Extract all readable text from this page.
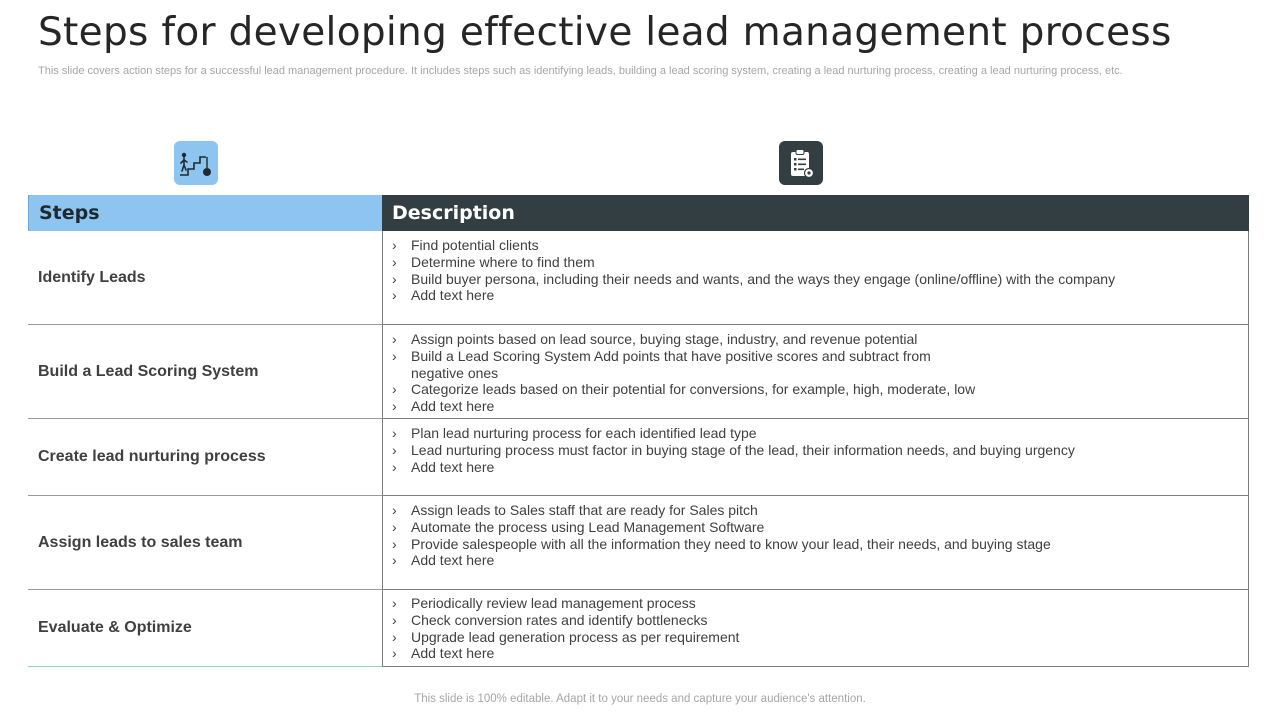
Steps for developing effective lead management process
This slide covers action steps for a successful lead management procedure. It includes steps such as identifying leads, building a lead scoring system, creating a lead nurturing process, creating a lead nurturing process, etc.
Steps	Description
Identify Leads
› Find potential clients
› Determine where to find them
› Build buyer persona, including their needs and wants, and the ways they engage (online/offline) with the company
› Add text here
Build a Lead Scoring System
› Assign points based on lead source, buying stage, industry, and revenue potential
› Build a Lead Scoring System Add points that have positive scores and subtract from negative ones
› Categorize leads based on their potential for conversions, for example, high, moderate, low
› Add text here
Create lead nurturing process
› Plan lead nurturing process for each identified lead type
› Lead nurturing process must factor in buying stage of the lead, their information needs, and buying urgency
› Add text here
Assign leads to sales team
› Assign leads to Sales staff that are ready for Sales pitch
› Automate the process using Lead Management Software
› Provide salespeople with all the information they need to know your lead, their needs, and buying stage
› Add text here
Evaluate & Optimize
› Periodically review lead management process
› Check conversion rates and identify bottlenecks
› Upgrade lead generation process as per requirement
› Add text here
This slide is 100% editable. Adapt it to your needs and capture your audience's attention.
